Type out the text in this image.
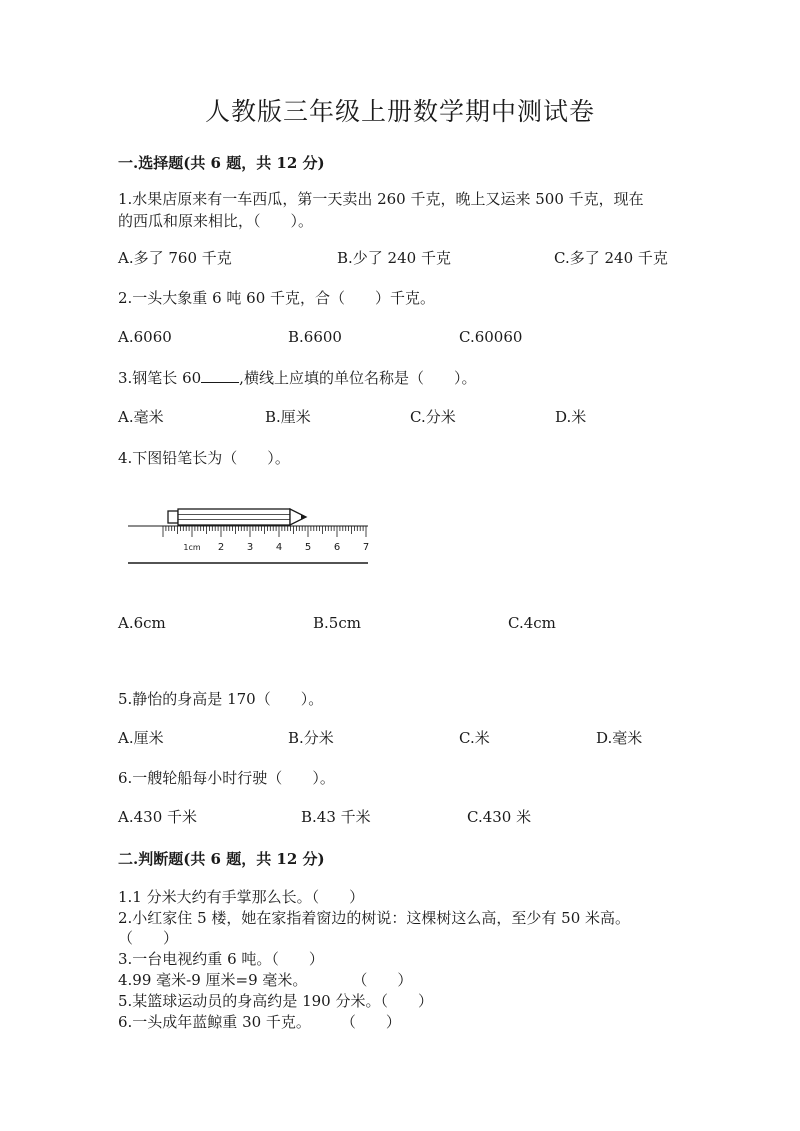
人教版三年级上册数学期中测试卷
一.选择题(共 6 题，共 12 分)
1.水果店原来有一车西瓜，第一天卖出 260 千克，晚上又运来 500 千克，现在
的西瓜和原来相比，（　　）。
A.多了 760 千克	B.少了 240 千克	C.多了 240 千克
2.一头大象重 6 吨 60 千克，合（　　）千克。
A.6060	B.6600	C.60060
3.钢笔长 60	,横线上应填的单位名称是（　　）。
A.毫米	B.厘米	C.分米	D.米
4.下图铅笔长为（　　）。
1cm 2 3 4 5 6 7
A.6cm	B.5cm	C.4cm
5.静怡的身高是 170（　　）。
A.厘米	B.分米	C.米	D.毫米
6.一艘轮船每小时行驶（　　）。
A.430 千米	B.43 千米	C.430 米
二.判断题(共 6 题，共 12 分)
1.1 分米大约有手掌那么长。（　　）
2.小红家住 5 楼，她在家指着窗边的树说：这棵树这么高，至少有 50 米高。
（　　）
3.一台电视约重 6 吨。（　　）
4.99 毫米-9 厘米=9 毫米。　　　　（　　）
5.某篮球运动员的身高约是 190 分米。（　　）
6.一头成年蓝鲸重 30 千克。　　　（　　）
